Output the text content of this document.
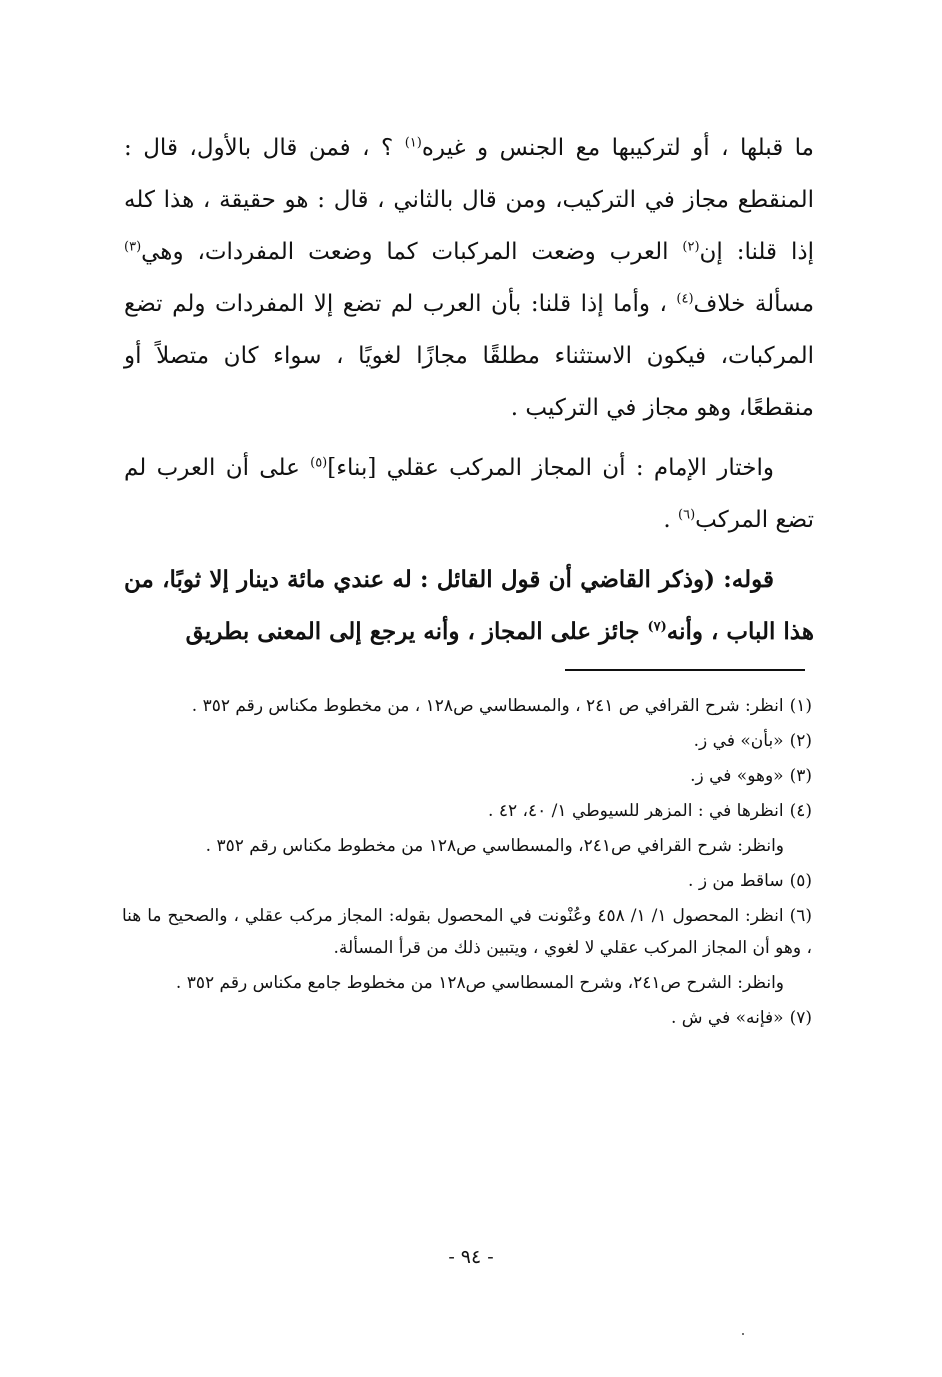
ما قبلها ، أو لتركيبها مع الجنس و غيره$^{(١)}$ ؟ ، فمن قال بالأول، قال : المنقطع مجاز في التركيب، ومن قال بالثاني ، قال : هو حقيقة ، هذا كله إذا قلنا: إن$^{(٢)}$ العرب وضعت المركبات كما وضعت المفردات، وهي$^{(٣)}$ مسألة خلاف$^{(٤)}$ ، وأما إذا قلنا: بأن العرب لم تضع إلا المفردات ولم تضع المركبات، فيكون الاستثناء مطلقًا مجازًا لغويًا ، سواء كان متصلاً أو منقطعًا، وهو مجاز في التركيب .

واختار الإمام : أن المجاز المركب عقلي [بناء]$^{(٥)}$ على أن العرب لم تضع المركب$^{(٦)}$ .

قوله: (وذكر القاضي أن قول القائل : له عندي مائة دينار إلا ثوبًا، من هذا الباب ، وأنه$^{(٧)}$ جائز على المجاز ، وأنه يرجع إلى المعنى بطريق

(١)انظر: شرح القرافي ص ٢٤١ ، والمسطاسي ص١٢٨ ، من مخطوط مكناس رقم ٣٥٢ .

(٢)«بأن» في ز.

(٣)«وهو» في ز.

(٤)انظرها في : المزهر للسيوطي ١/ ٤٠، ٤٢ .

وانظر: شرح القرافي ص٢٤١، والمسطاسي ص١٢٨ من مخطوط مكناس رقم ٣٥٢ .

(٥)ساقط من ز .

(٦)انظر: المحصول ١/ ١/ ٤٥٨ وعُنْونت في المحصول بقوله: المجاز مركب عقلي ، والصحيح ما هنا ، وهو أن المجاز المركب عقلي لا لغوي ، ويتبين ذلك من قرأ المسألة.

وانظر: الشرح ص٢٤١، وشرح المسطاسي ص١٢٨ من مخطوط جامع مكناس رقم ٣٥٢ .

(٧)«فإنه» في ش .

- ٩٤ -
